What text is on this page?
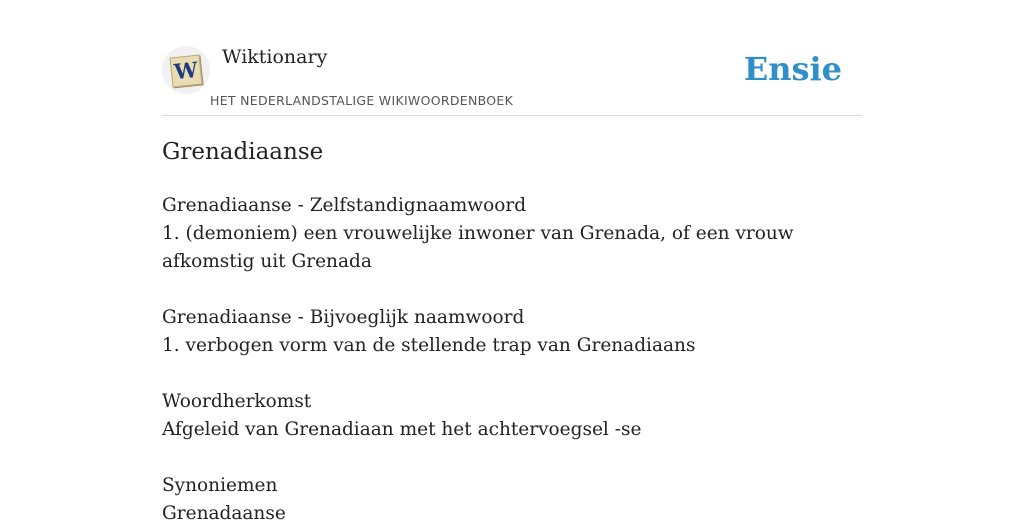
W Wiktionary
HET NEDERLANDSTALIGE WIKIWOORDENBOEK
Ensie
Grenadiaanse
Grenadiaanse - Zelfstandignaamwoord
1. (demoniem) een vrouwelijke inwoner van Grenada, of een vrouw afkomstig uit Grenada
Grenadiaanse - Bijvoeglijk naamwoord
1. verbogen vorm van de stellende trap van Grenadiaans
Woordherkomst
Afgeleid van Grenadiaan met het achtervoegsel -se
Synoniemen
Grenadaanse
